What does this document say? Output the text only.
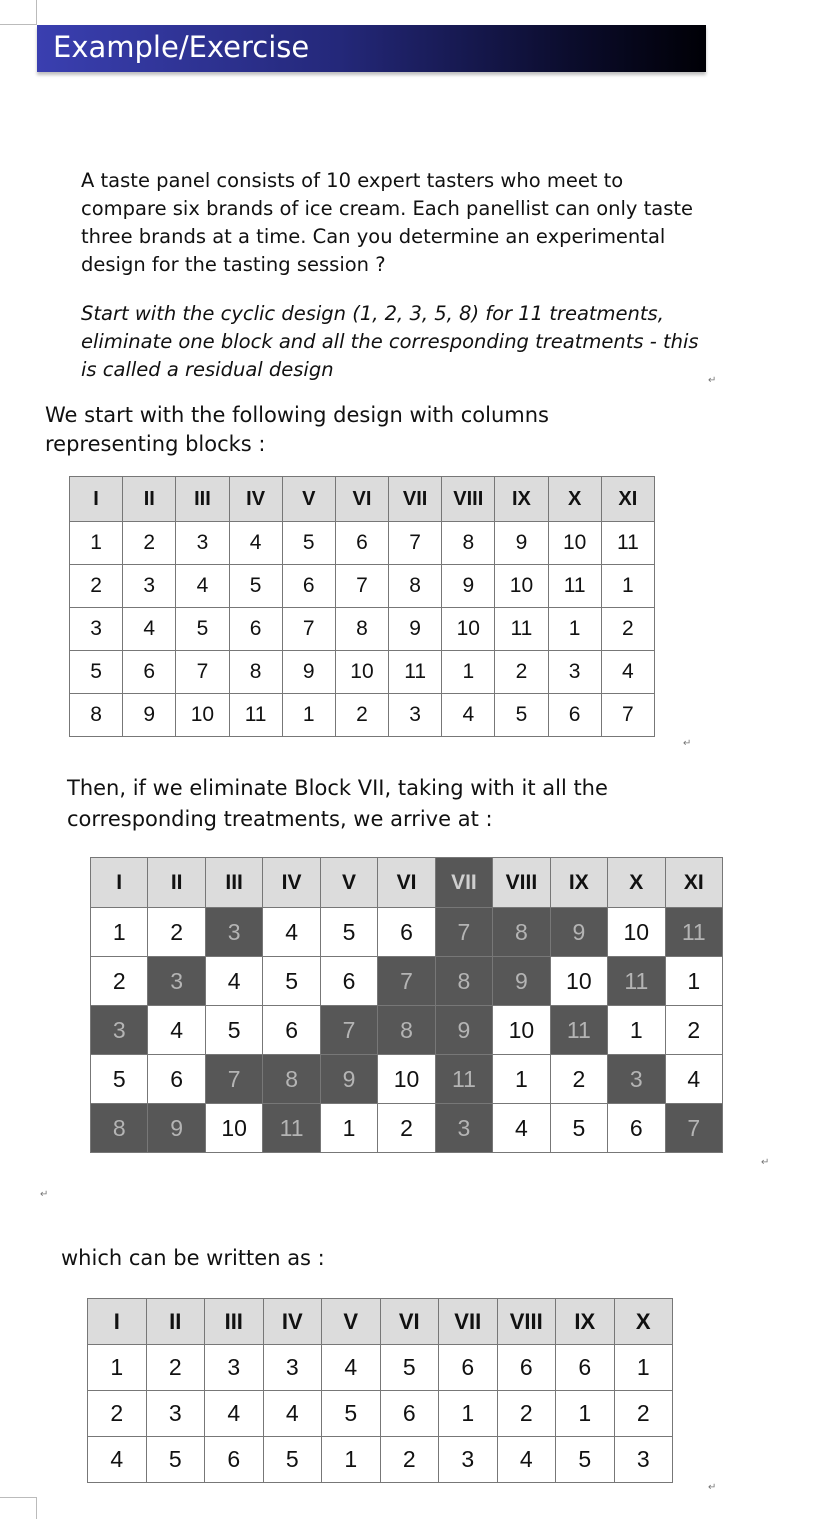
Example/Exercise

A taste panel consists of 10 expert tasters who meet to compare six brands of ice cream. Each panellist can only taste three brands at a time. Can you determine an experimental design for the tasting session ?

Start with the cyclic design (1, 2, 3, 5, 8) for 11 treatments, eliminate one block and all the corresponding treatments - this is called a residual design	↵

We start with the following design with columns representing blocks :

I	II	III	IV	V	VI	VII	VIII	IX	X	XI
1	2	3	4	5	6	7	8	9	10	11
2	3	4	5	6	7	8	9	10	11	1
3	4	5	6	7	8	9	10	11	1	2
5	6	7	8	9	10	11	1	2	3	4
8	9	10	11	1	2	3	4	5	6	7
↵

Then, if we eliminate Block VII, taking with it all the corresponding treatments, we arrive at :

I	II	III	IV	V	VI	VII	VIII	IX	X	XI
1	2	3	4	5	6	7	8	9	10	11
2	3	4	5	6	7	8	9	10	11	1
3	4	5	6	7	8	9	10	11	1	2
5	6	7	8	9	10	11	1	2	3	4
8	9	10	11	1	2	3	4	5	6	7
↵
↵

which can be written as :

I	II	III	IV	V	VI	VII	VIII	IX	X
1	2	3	3	4	5	6	6	6	1
2	3	4	4	5	6	1	2	1	2
4	5	6	5	1	2	3	4	5	3
↵
